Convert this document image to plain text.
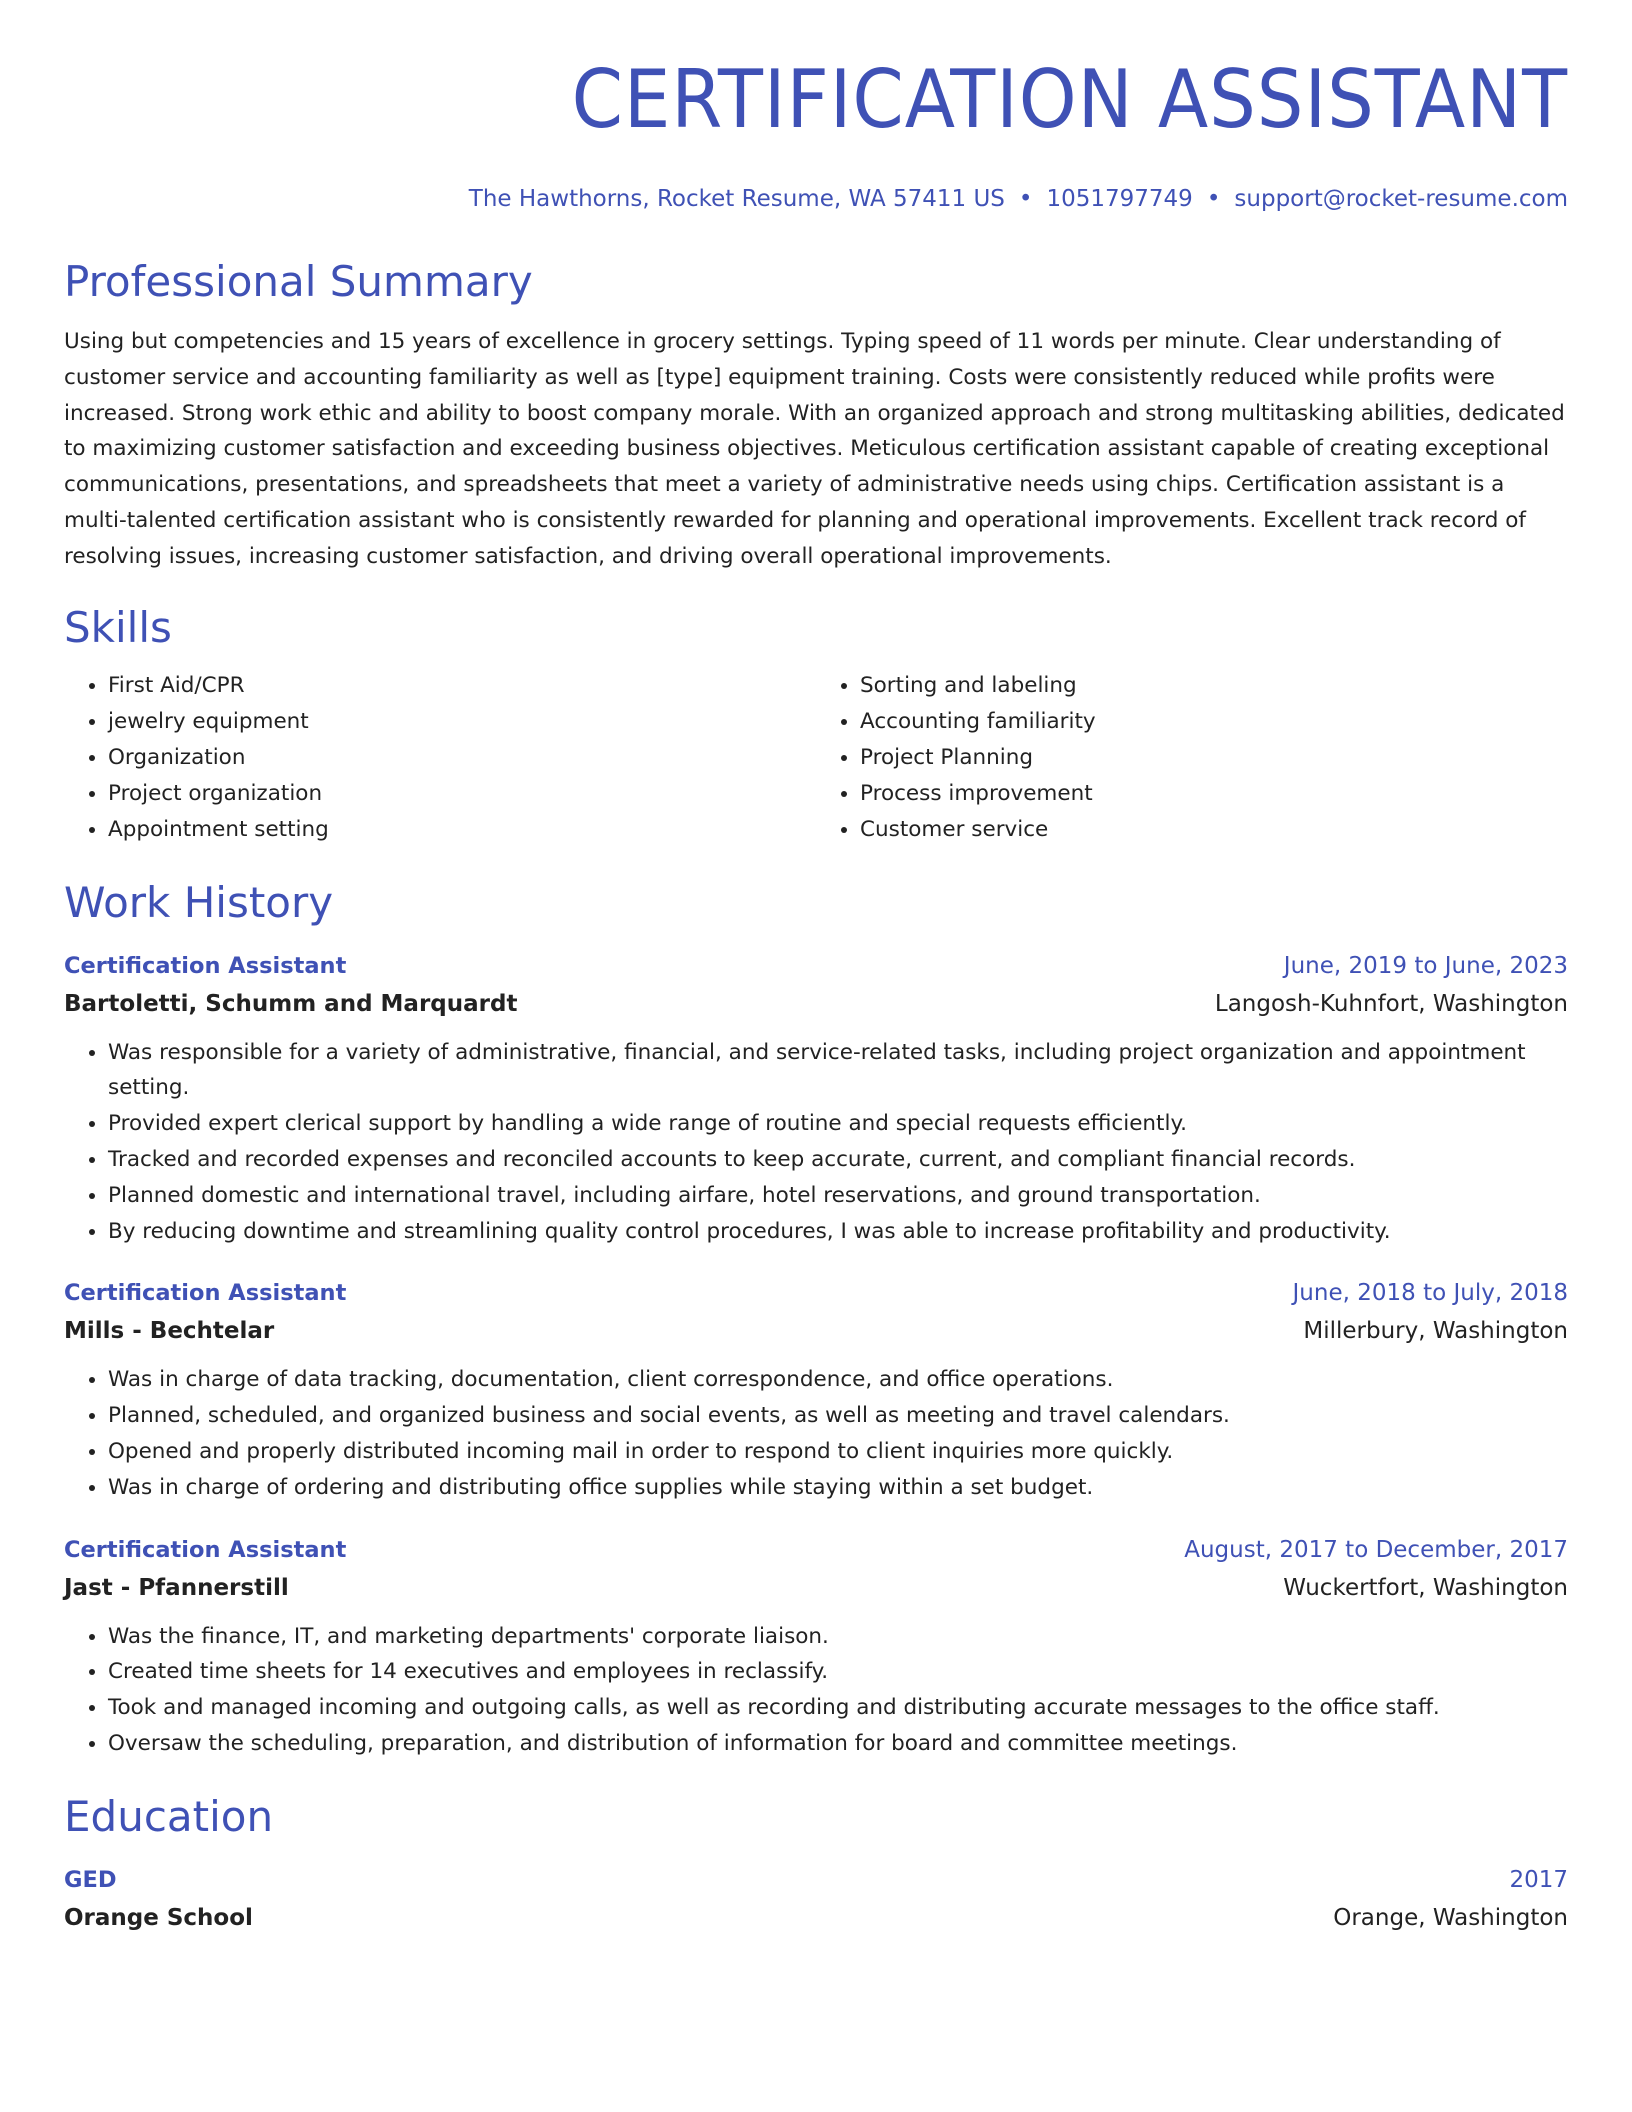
CERTIFICATION ASSISTANT
The Hawthorns, Rocket Resume, WA 57411 US • 1051797749 • support@rocket-resume.com
Professional Summary

Using but competencies and 15 years of excellence in grocery settings. Typing speed of 11 words per minute. Clear understanding of customer service and accounting familiarity as well as [type] equipment training. Costs were consistently reduced while profits were increased. Strong work ethic and ability to boost company morale. With an organized approach and strong multitasking abilities, dedicated to maximizing customer satisfaction and exceeding business objectives. Meticulous certification assistant capable of creating exceptional communications, presentations, and spreadsheets that meet a variety of administrative needs using chips. Certification assistant is a multi-talented certification assistant who is consistently rewarded for planning and operational improvements. Excellent track record of resolving issues, increasing customer satisfaction, and driving overall operational improvements.

Skills
• First Aid/CPR
• jewelry equipment
• Organization
• Project organization
• Appointment setting
• Sorting and labeling
• Accounting familiarity
• Project Planning
• Process improvement
• Customer service
Work History
Certification Assistant	June, 2019 to June, 2023
Bartoletti, Schumm and Marquardt	Langosh-Kuhnfort, Washington
• Was responsible for a variety of administrative, financial, and service-related tasks, including project organization and appointment setting.
• Provided expert clerical support by handling a wide range of routine and special requests efficiently.
• Tracked and recorded expenses and reconciled accounts to keep accurate, current, and compliant financial records.
• Planned domestic and international travel, including airfare, hotel reservations, and ground transportation.
• By reducing downtime and streamlining quality control procedures, I was able to increase profitability and productivity.
Certification Assistant	June, 2018 to July, 2018
Mills - Bechtelar	Millerbury, Washington
• Was in charge of data tracking, documentation, client correspondence, and office operations.
• Planned, scheduled, and organized business and social events, as well as meeting and travel calendars.
• Opened and properly distributed incoming mail in order to respond to client inquiries more quickly.
• Was in charge of ordering and distributing office supplies while staying within a set budget.
Certification Assistant	August, 2017 to December, 2017
Jast - Pfannerstill	Wuckertfort, Washington
• Was the finance, IT, and marketing departments' corporate liaison.
• Created time sheets for 14 executives and employees in reclassify.
• Took and managed incoming and outgoing calls, as well as recording and distributing accurate messages to the office staff.
• Oversaw the scheduling, preparation, and distribution of information for board and committee meetings.
Education
GED	2017
Orange School	Orange, Washington
